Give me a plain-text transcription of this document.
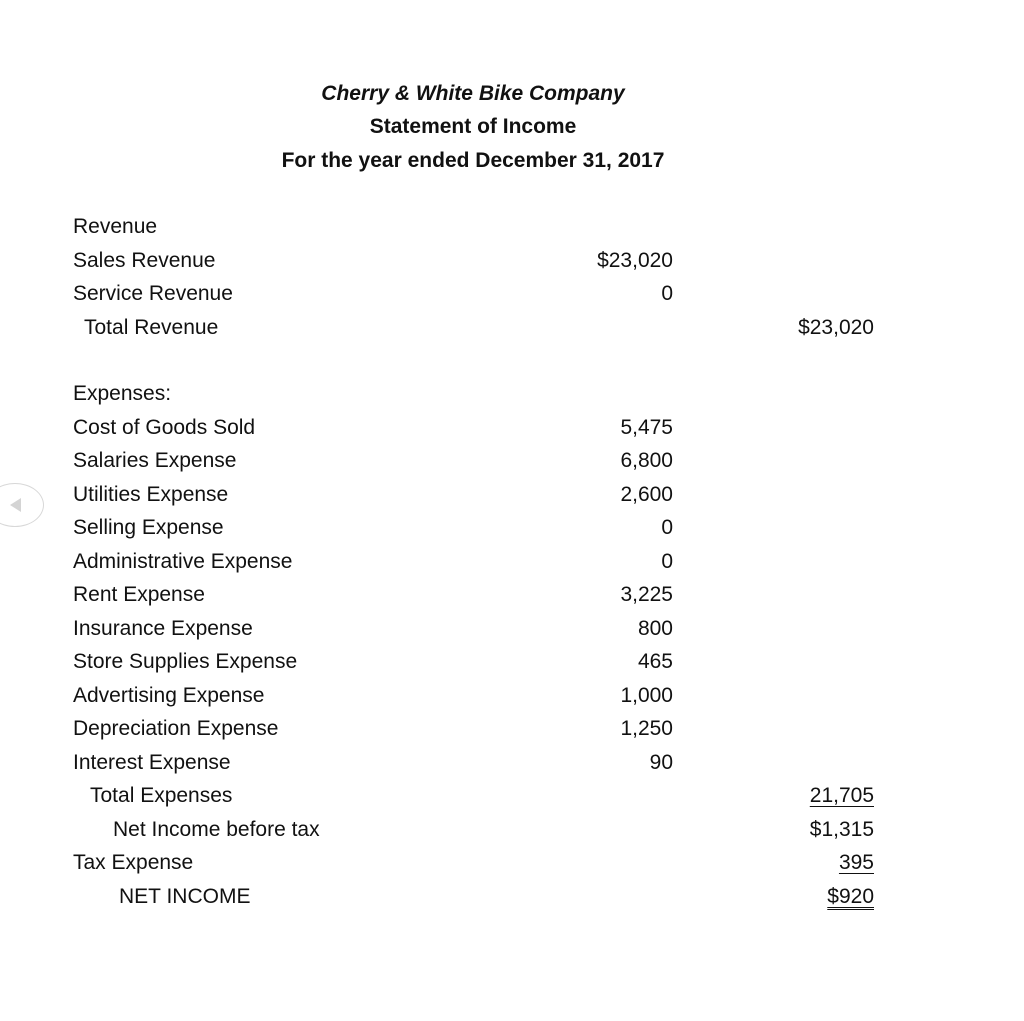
Cherry & White Bike Company
Statement of Income
For the year ended December 31, 2017
Revenue
Sales Revenue	$23,020
Service Revenue	0
Total Revenue	$23,020
Expenses:
Cost of Goods Sold	5,475
Salaries Expense	6,800
Utilities Expense	2,600
Selling Expense	0
Administrative Expense	0
Rent Expense	3,225
Insurance Expense	800
Store Supplies Expense	465
Advertising Expense	1,000
Depreciation Expense	1,250
Interest Expense	90
Total Expenses	21,705
Net Income before tax	$1,315
Tax Expense	395
NET INCOME	$920
